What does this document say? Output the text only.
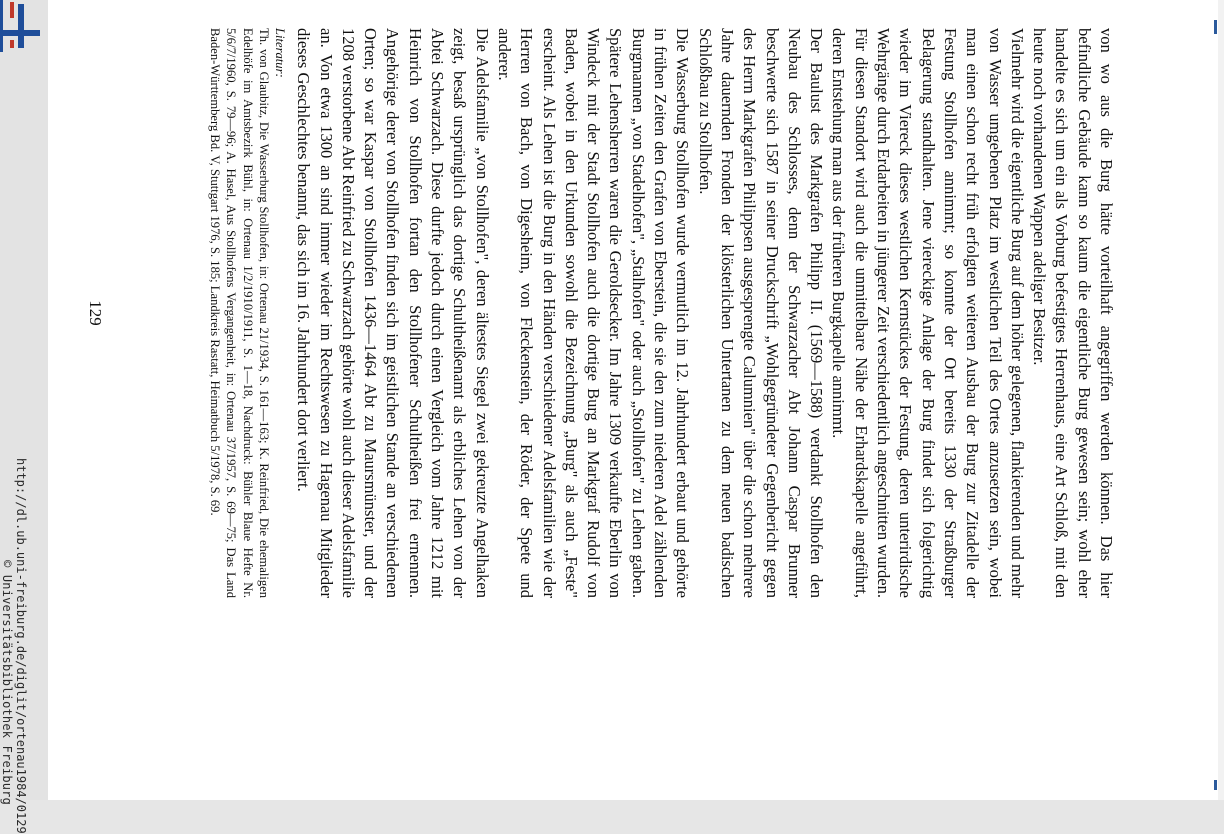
http://dl.ub.uni-freiburg.de/diglit/ortenau1984/0129
© Universitätsbibliothek Freiburg

von wo aus die Burg hätte vorteilhaft angegriffen werden können. Das hier befindliche Gebäude kann so kaum die eigentliche Burg gewesen sein; wohl eher handelte es sich um ein als Vorburg befestigtes Herrenhaus, eine Art Schloß, mit den heute noch vorhandenen Wappen adeliger Besitzer.

Vielmehr wird die eigentliche Burg auf dem höher gelegenen, flankierenden und mehr von Wasser umgebenen Platz im westlichen Teil des Ortes anzusetzen sein, wobei man einen schon recht früh erfolgten weiteren Ausbau der Burg zur Zitadelle der Festung Stollhofen annimmt; so konnte der Ort bereits 1330 der Straßburger Belagerung standhalten. Jene viereckige Anlage der Burg findet sich folgerichtig wieder im Viereck dieses westlichen Kernstückes der Festung, deren unterirdische Wehrgänge durch Erdarbeiten in jüngerer Zeit verschiedentlich angeschnitten wurden. Für diesen Standort wird auch die unmittelbare Nähe der Erhardskapelle angeführt, deren Entstehung man aus der früheren Burgkapelle annimmt.

Der Baulust des Markgrafen Philipp II. (1569—1588) verdankt Stollhofen den Neubau des Schlosses, denn der Schwarzacher Abt Johann Caspar Brunner beschwerte sich 1587 in seiner Druckschrift „Wohlgegründeter Gegenbericht gegen des Herrn Markgrafen Philippsen ausgesprengte Calumnien" über die schon mehrere Jahre dauernden Fronden der klösterlichen Untertanen zu dem neuen badischen Schloßbau zu Stollhofen.

Die Wasserburg Stollhofen wurde vermutlich im 12. Jahrhundert erbaut und gehörte in frühen Zeiten den Grafen von Eberstein, die sie den zum niederen Adel zählenden Burgmannen „von Stadelhofen", „Stalhofen" oder auch „Stollhofen" zu Lehen gaben. Spätere Lehensherren waren die Geroldsecker. Im Jahre 1309 verkaufte Eberlin von Windeck mit der Stadt Stollhofen auch die dortige Burg an Markgraf Rudolf von Baden, wobei in den Urkunden sowohl die Bezeichnung „Burg" als auch „Feste" erscheint. Als Lehen ist die Burg in den Händen verschiedener Adelsfamilien wie der Herren von Bach, von Digesheim, von Fleckenstein, der Röder, der Spete und anderer.

Die Adelsfamilie „von Stollhofen", deren ältestes Siegel zwei gekreuzte Angelhaken zeigt, besaß ursprünglich das dortige Schultheißenamt als erbliches Lehen von der Abtei Schwarzach. Diese durfte jedoch durch einen Vergleich vom Jahre 1212 mit Heinrich von Stollhofen fortan den Stollhofener Schultheißen frei ernennen. Angehörige derer von Stollhofen finden sich im geistlichen Stande an verschiedenen Orten; so war Kaspar von Stollhofen 1436—1464 Abt zu Maursmünster, und der 1208 verstorbene Abt Reinfried zu Schwarzach gehörte wohl auch dieser Adelsfamilie an. Von etwa 1300 an sind immer wieder im Rechtswesen zu Hagenau Mitglieder dieses Geschlechtes benannt, das sich im 16. Jahrhundert dort verliert.

Literatur:
Th. von Glaubitz, Die Wasserburg Stollhofen, in: Ortenau 21/1934, S. 161—163; K. Reinfried, Die ehemaligen Edelhöfe im Amtsbezirk Bühl, in: Ortenau 1/2/1910/1911, S. 1—18, Nachdruck: Bühler Blaue Hefte Nr. 5/6/7/1960, S. 79—96; A. Hasel, Aus Stollhofens Vergangenheit, in: Ortenau 37/1957, S. 69—75; Das Land Baden-Württemberg Bd. V, Stuttgart 1976, S. 185; Landkreis Rastatt, Heimatbuch 5/1978, S. 69.
129
